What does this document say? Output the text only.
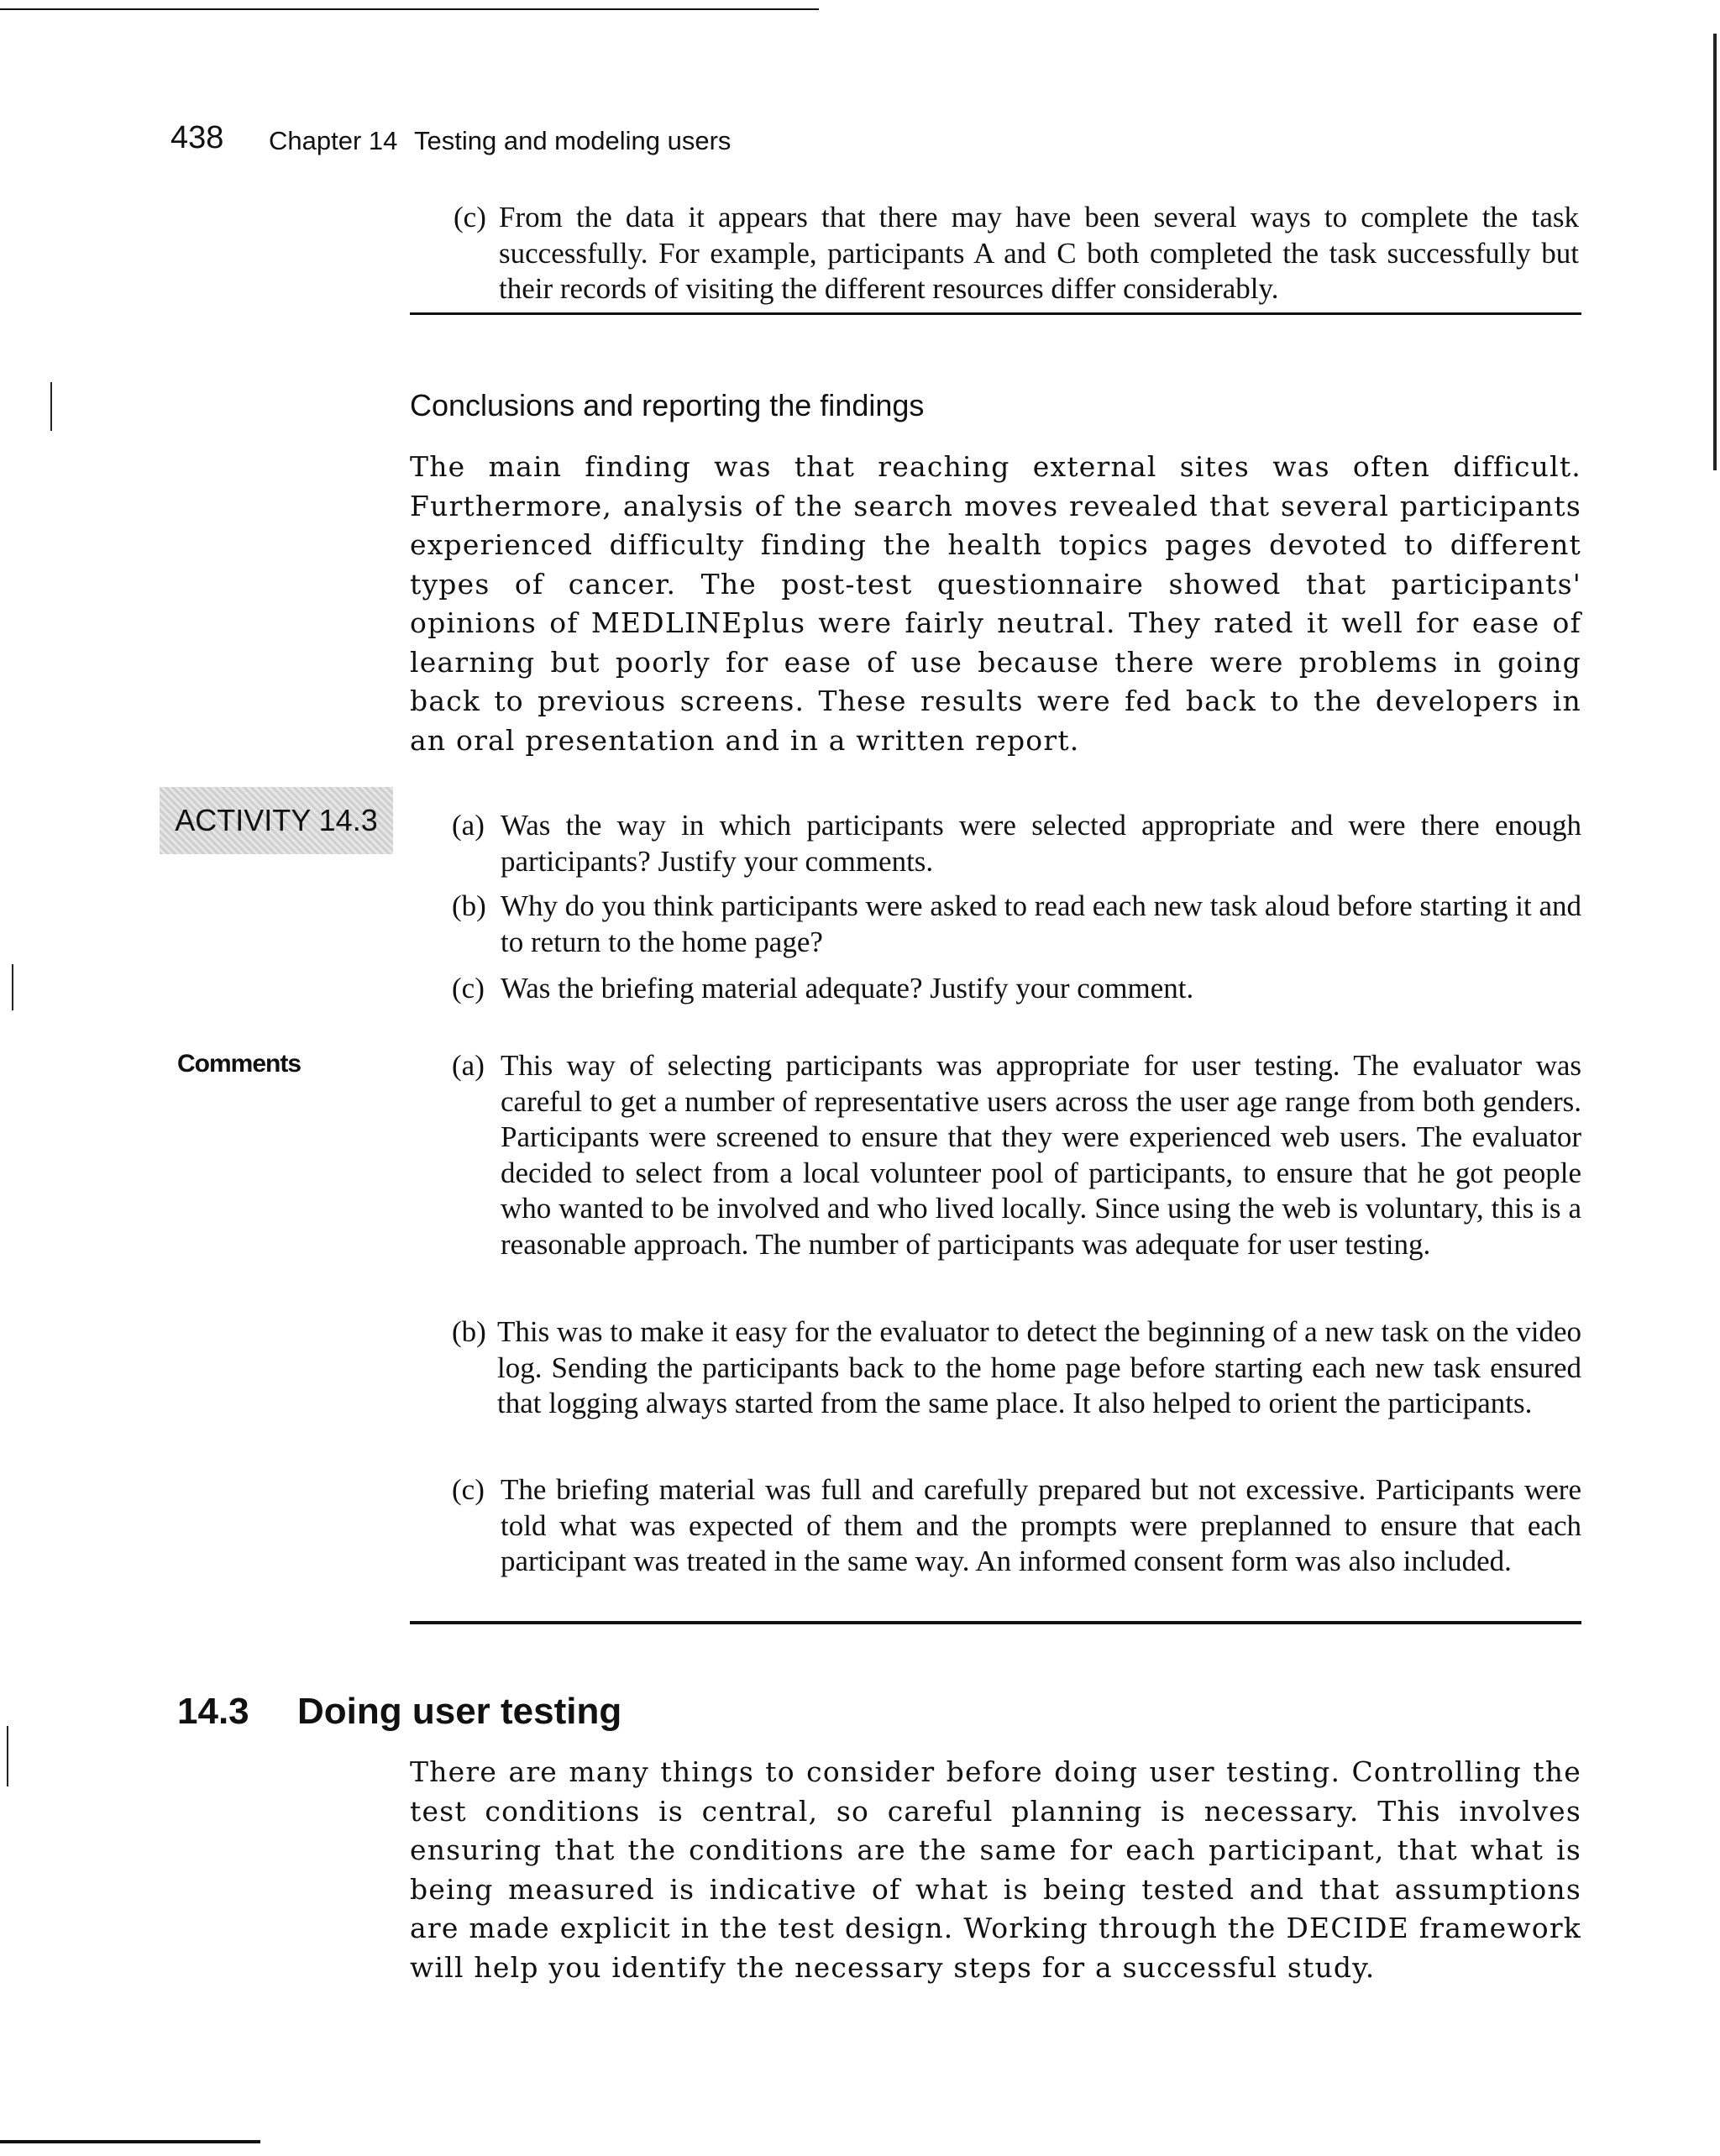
438 Chapter 14 Testing and modeling users
(c) From the data it appears that there may have been several ways to complete the task successfully. For example, participants A and C both completed the task successfully but their records of visiting the different resources differ considerably.
Conclusions and reporting the findings
The main finding was that reaching external sites was often difficult. Furthermore, analysis of the search moves revealed that several participants experienced difficulty finding the health topics pages devoted to different types of cancer. The post-test questionnaire showed that participants' opinions of MEDLINEplus were fairly neutral. They rated it well for ease of learning but poorly for ease of use because there were problems in going back to previous screens. These results were fed back to the developers in an oral presentation and in a written report.
ACTIVITY 14.3	(a) Was the way in which participants were selected appropriate and were there enough participants? Justify your comments.
(b) Why do you think participants were asked to read each new task aloud before starting it and to return to the home page?
(c) Was the briefing material adequate? Justify your comment.
Comments	(a) This way of selecting participants was appropriate for user testing. The evaluator was careful to get a number of representative users across the user age range from both genders. Participants were screened to ensure that they were experienced web users. The evaluator decided to select from a local volunteer pool of participants, to ensure that he got people who wanted to be involved and who lived locally. Since using the web is voluntary, this is a reasonable approach. The number of participants was adequate for user testing.
(b) This was to make it easy for the evaluator to detect the beginning of a new task on the video log. Sending the participants back to the home page before starting each new task ensured that logging always started from the same place. It also helped to orient the participants.
(c) The briefing material was full and carefully prepared but not excessive. Participants were told what was expected of them and the prompts were preplanned to ensure that each participant was treated in the same way. An informed consent form was also included.
14.3 Doing user testing
There are many things to consider before doing user testing. Controlling the test conditions is central, so careful planning is necessary. This involves ensuring that the conditions are the same for each participant, that what is being measured is indicative of what is being tested and that assumptions are made explicit in the test design. Working through the DECIDE framework will help you identify the necessary steps for a successful study.
